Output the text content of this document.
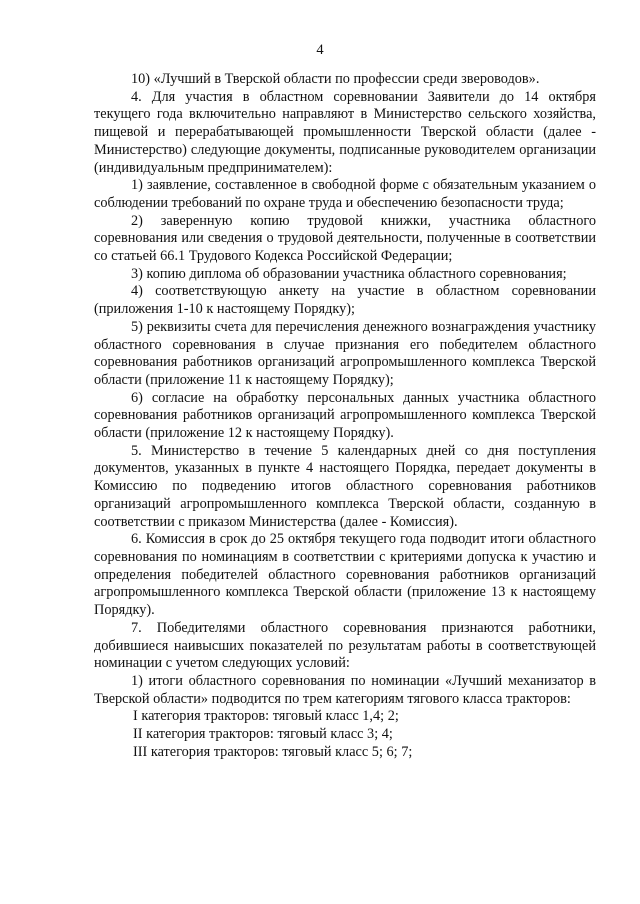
4

10) «Лучший в Тверской области по профессии среди звероводов».

4. Для участия в областном соревновании Заявители до 14 октября текущего года включительно направляют в Министерство сельского хозяйства, пищевой и перерабатывающей промышленности Тверской области (далее - Министерство) следующие документы, подписанные руководителем организации (индивидуальным предпринимателем):

1) заявление, составленное в свободной форме с обязательным указанием о соблюдении требований по охране труда и обеспечению безопасности труда;

2) заверенную копию трудовой книжки, участника областного соревнования или сведения о трудовой деятельности, полученные в соответствии со статьей 66.1 Трудового Кодекса Российской Федерации;

3) копию диплома об образовании участника областного соревнования;

4) соответствующую анкету на участие в областном соревновании (приложения 1-10 к настоящему Порядку);

5) реквизиты счета для перечисления денежного вознаграждения участнику областного соревнования в случае признания его победителем областного соревнования работников организаций агропромышленного комплекса Тверской области (приложение 11 к настоящему Порядку);

6) согласие на обработку персональных данных участника областного соревнования работников организаций агропромышленного комплекса Тверской области (приложение 12 к настоящему Порядку).

5. Министерство в течение 5 календарных дней со дня поступления документов, указанных в пункте 4 настоящего Порядка, передает документы в Комиссию по подведению итогов областного соревнования работников организаций агропромышленного комплекса Тверской области, созданную в соответствии с приказом Министерства (далее - Комиссия).

6. Комиссия в срок до 25 октября текущего года подводит итоги областного соревнования по номинациям в соответствии с критериями допуска к участию и определения победителей областного соревнования работников организаций агропромышленного комплекса Тверской области (приложение 13 к настоящему Порядку).

7. Победителями областного соревнования признаются работники, добившиеся наивысших показателей по результатам работы в соответствующей номинации с учетом следующих условий:

1) итоги областного соревнования по номинации «Лучший механизатор в Тверской области» подводится по трем категориям тягового класса тракторов:

I категория тракторов: тяговый класс 1,4; 2;

II категория тракторов: тяговый класс 3; 4;

III категория тракторов: тяговый класс 5; 6; 7;
